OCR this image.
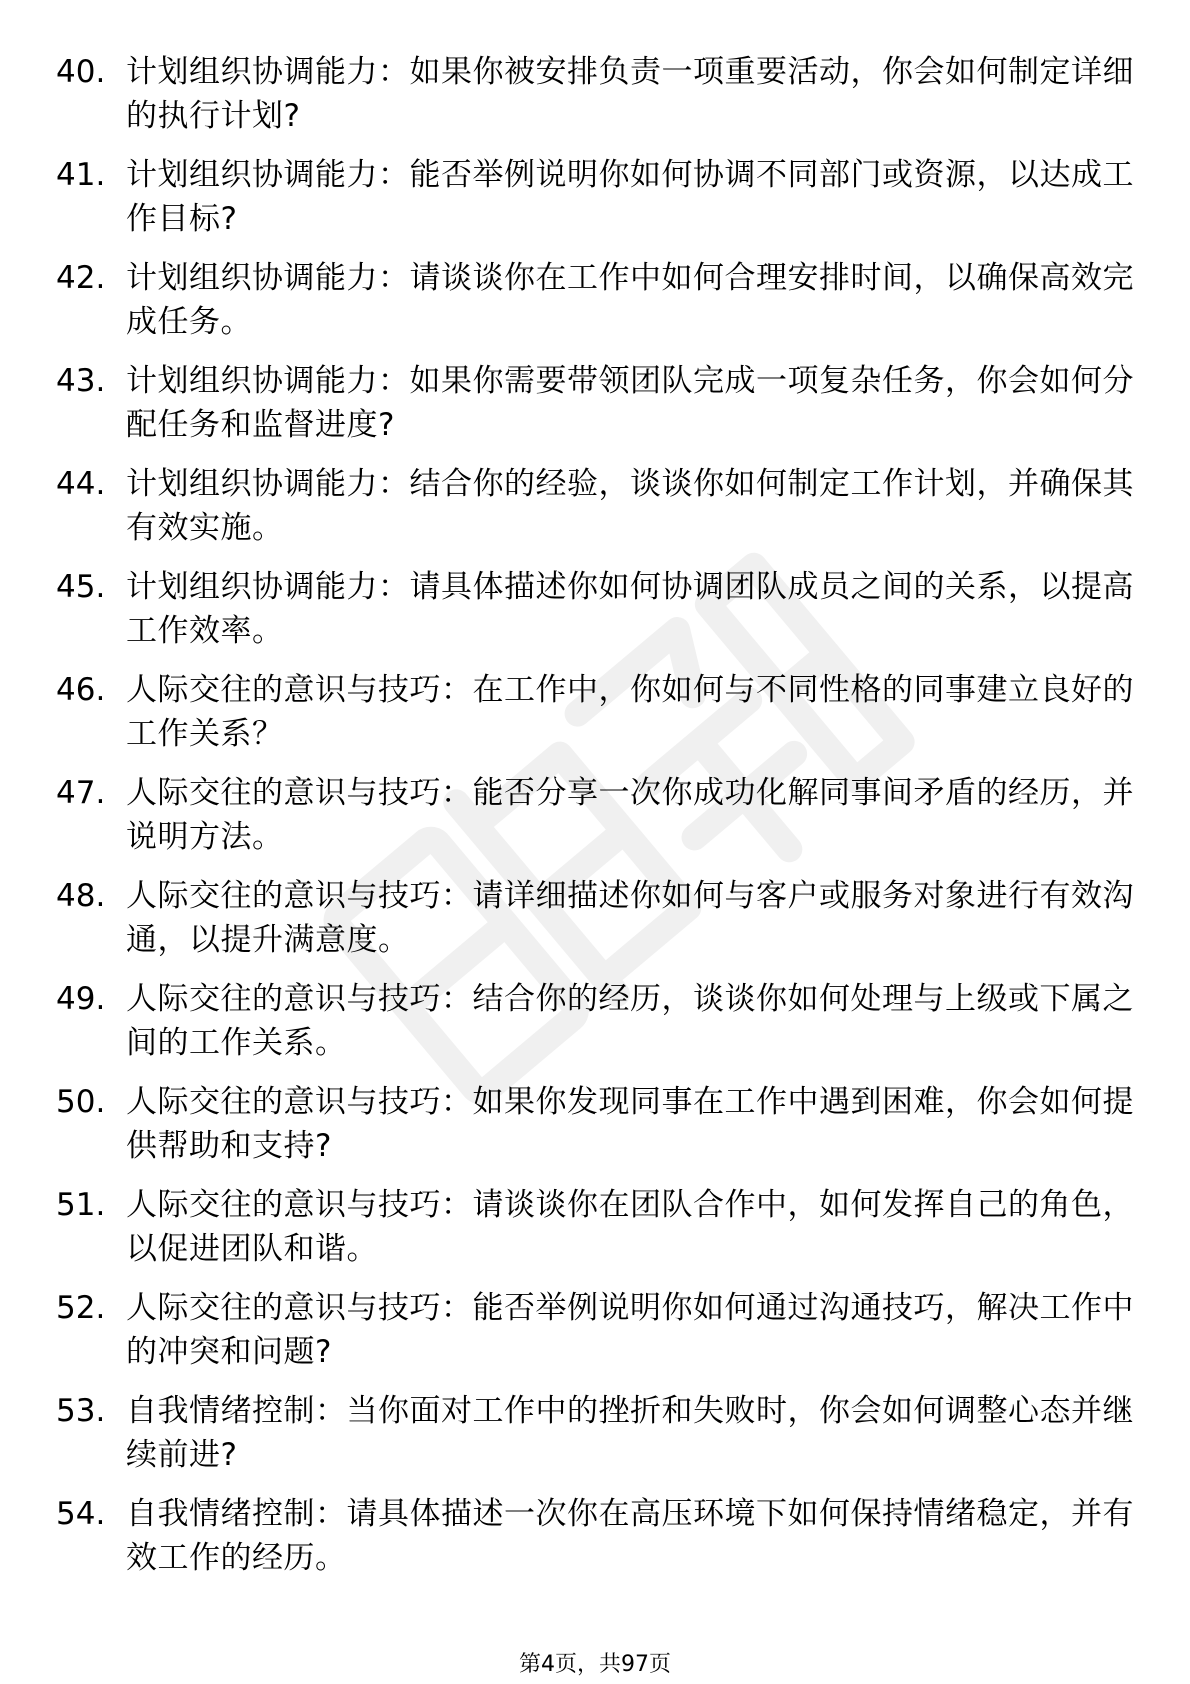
40. 计划组织协调能力：如果你被安排负责一项重要活动，你会如何制定详细的执行计划?
41. 计划组织协调能力：能否举例说明你如何协调不同部门或资源，以达成工作目标?
42. 计划组织协调能力：请谈谈你在工作中如何合理安排时间，以确保高效完成任务。
43. 计划组织协调能力：如果你需要带领团队完成一项复杂任务，你会如何分配任务和监督进度?
44. 计划组织协调能力：结合你的经验，谈谈你如何制定工作计划，并确保其有效实施。
45. 计划组织协调能力：请具体描述你如何协调团队成员之间的关系，以提高工作效率。
46. 人际交往的意识与技巧：在工作中，你如何与不同性格的同事建立良好的工作关系？
47. 人际交往的意识与技巧：能否分享一次你成功化解同事间矛盾的经历，并说明方法。
48. 人际交往的意识与技巧：请详细描述你如何与客户或服务对象进行有效沟通，以提升满意度。
49. 人际交往的意识与技巧：结合你的经历，谈谈你如何处理与上级或下属之间的工作关系。
50. 人际交往的意识与技巧：如果你发现同事在工作中遇到困难，你会如何提供帮助和支持?
51. 人际交往的意识与技巧：请谈谈你在团队合作中，如何发挥自己的角色，以促进团队和谐。
52. 人际交往的意识与技巧：能否举例说明你如何通过沟通技巧，解决工作中的冲突和问题?
53. 自我情绪控制：当你面对工作中的挫折和失败时，你会如何调整心态并继续前进?
54. 自我情绪控制：请具体描述一次你在高压环境下如何保持情绪稳定，并有效工作的经历。
第4页，共97页
